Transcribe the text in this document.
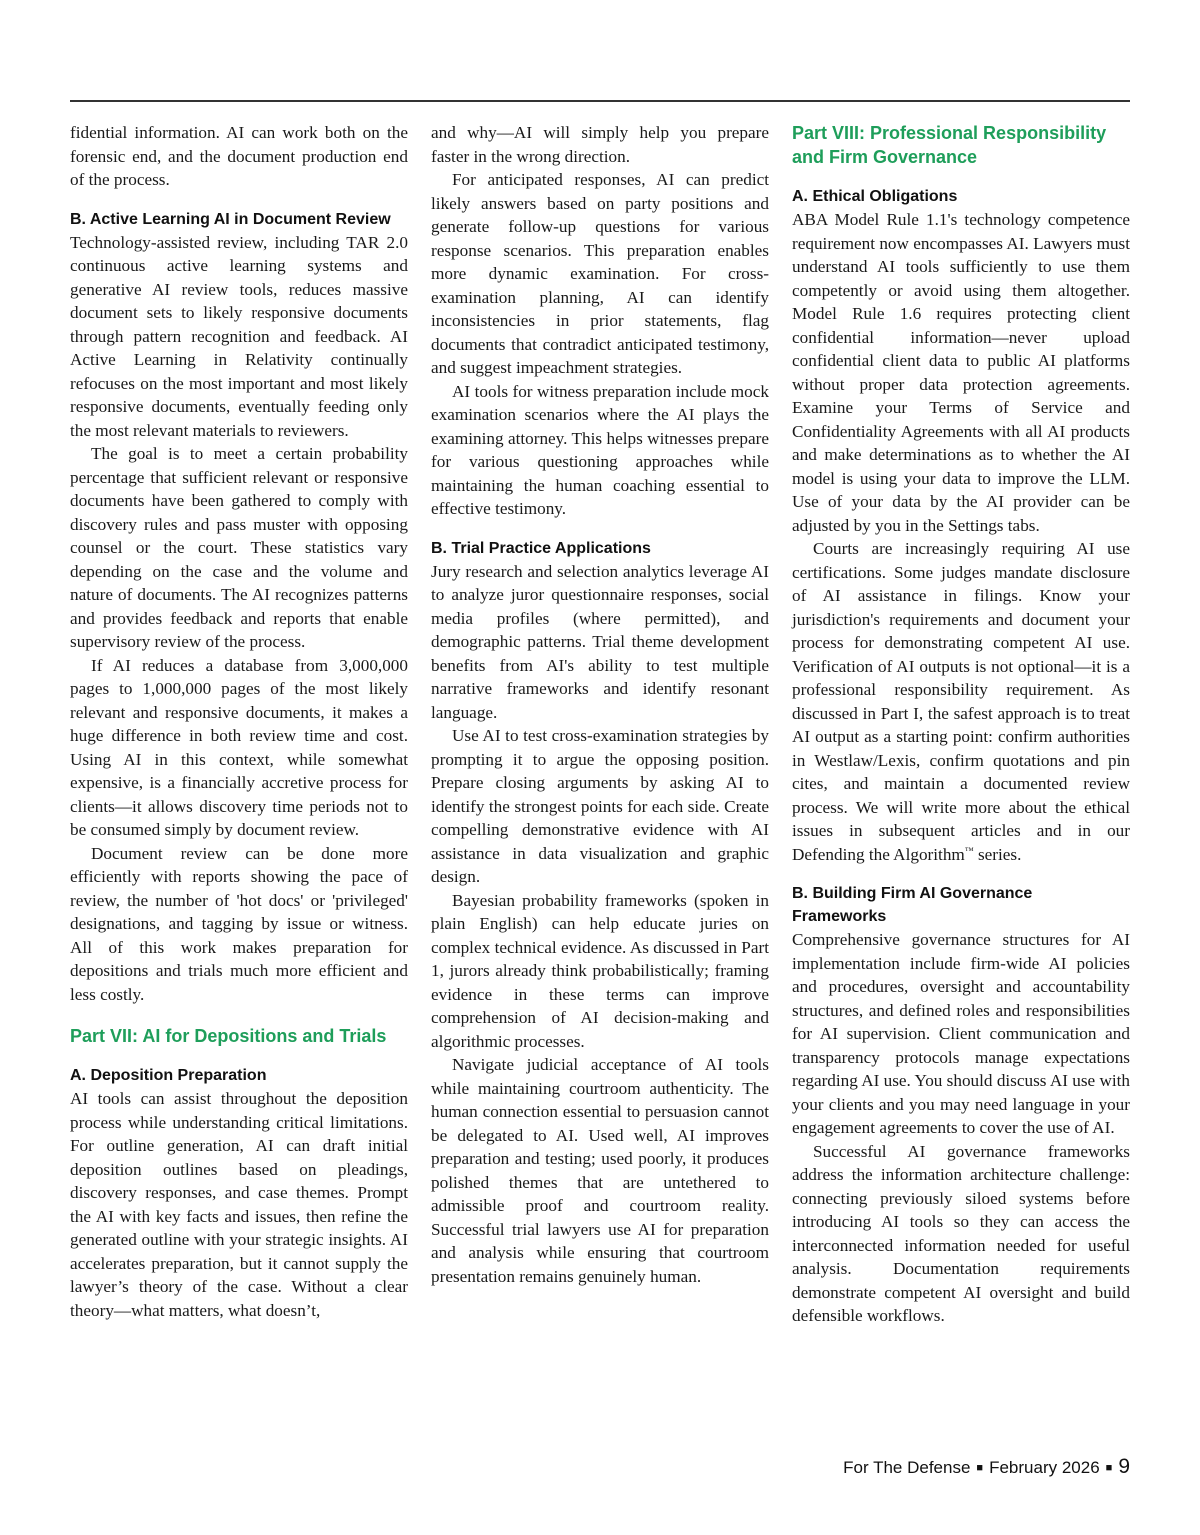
fidential information. AI can work both on the forensic end, and the document production end of the process.

B. Active Learning AI in Document Review

Technology-assisted review, including TAR 2.0 continuous active learning systems and generative AI review tools, reduces massive document sets to likely responsive documents through pattern recognition and feedback. AI Active Learning in Relativity continually refocuses on the most important and most likely responsive documents, eventually feeding only the most relevant materials to reviewers.

The goal is to meet a certain probability percentage that sufficient relevant or responsive documents have been gathered to comply with discovery rules and pass muster with opposing counsel or the court. These statistics vary depending on the case and the volume and nature of documents. The AI recognizes patterns and provides feedback and reports that enable supervisory review of the process.

If AI reduces a database from 3,000,000 pages to 1,000,000 pages of the most likely relevant and responsive documents, it makes a huge difference in both review time and cost. Using AI in this context, while somewhat expensive, is a financially accretive process for clients—it allows discovery time periods not to be consumed simply by document review.

Document review can be done more efficiently with reports showing the pace of review, the number of 'hot docs' or 'privileged' designations, and tagging by issue or witness. All of this work makes preparation for depositions and trials much more efficient and less costly.

Part VII: AI for Depositions and Trials
A. Deposition Preparation

AI tools can assist throughout the deposition process while understanding critical limitations. For outline generation, AI can draft initial deposition outlines based on pleadings, discovery responses, and case themes. Prompt the AI with key facts and issues, then refine the generated outline with your strategic insights. AI accelerates preparation, but it cannot supply the lawyer’s theory of the case. Without a clear theory—what matters, what doesn’t,

and why—AI will simply help you prepare faster in the wrong direction.

For anticipated responses, AI can predict likely answers based on party positions and generate follow-up questions for various response scenarios. This preparation enables more dynamic examination. For cross-examination planning, AI can identify inconsistencies in prior statements, flag documents that contradict anticipated testimony, and suggest impeachment strategies.

AI tools for witness preparation include mock examination scenarios where the AI plays the examining attorney. This helps witnesses prepare for various questioning approaches while maintaining the human coaching essential to effective testimony.

B. Trial Practice Applications

Jury research and selection analytics leverage AI to analyze juror questionnaire responses, social media profiles (where permitted), and demographic patterns. Trial theme development benefits from AI's ability to test multiple narrative frameworks and identify resonant language.

Use AI to test cross-examination strategies by prompting it to argue the opposing position. Prepare closing arguments by asking AI to identify the strongest points for each side. Create compelling demonstrative evidence with AI assistance in data visualization and graphic design.

Bayesian probability frameworks (spoken in plain English) can help educate juries on complex technical evidence. As discussed in Part 1, jurors already think probabilistically; framing evidence in these terms can improve comprehension of AI decision-making and algorithmic processes.

Navigate judicial acceptance of AI tools while maintaining courtroom authenticity. The human connection essential to persuasion cannot be delegated to AI. Used well, AI improves preparation and testing; used poorly, it produces polished themes that are untethered to admissible proof and courtroom reality. Successful trial lawyers use AI for preparation and analysis while ensuring that courtroom presentation remains genuinely human.

Part VIII: Professional Responsibility and Firm Governance
A. Ethical Obligations

ABA Model Rule 1.1's technology competence requirement now encompasses AI. Lawyers must understand AI tools sufficiently to use them competently or avoid using them altogether. Model Rule 1.6 requires protecting client confidential information—never upload confidential client data to public AI platforms without proper data protection agreements. Examine your Terms of Service and Confidentiality Agreements with all AI products and make determinations as to whether the AI model is using your data to improve the LLM. Use of your data by the AI provider can be adjusted by you in the Settings tabs.

Courts are increasingly requiring AI use certifications. Some judges mandate disclosure of AI assistance in filings. Know your jurisdiction's requirements and document your process for demonstrating competent AI use. Verification of AI outputs is not optional—it is a professional responsibility requirement. As discussed in Part I, the safest approach is to treat AI output as a starting point: confirm authorities in Westlaw/Lexis, confirm quotations and pin cites, and maintain a documented review process. We will write more about the ethical issues in subsequent articles and in our Defending the Algorithm™ series.

B. Building Firm AI Governance Frameworks

Comprehensive governance structures for AI implementation include firm-wide AI policies and procedures, oversight and accountability structures, and defined roles and responsibilities for AI supervision. Client communication and transparency protocols manage expectations regarding AI use. You should discuss AI use with your clients and you may need language in your engagement agreements to cover the use of AI.

Successful AI governance frameworks address the information architecture challenge: connecting previously siloed systems before introducing AI tools so they can access the interconnected information needed for useful analysis. Documentation requirements demonstrate competent AI oversight and build defensible workflows.

For The Defense ■ February 2026 ■ 9
